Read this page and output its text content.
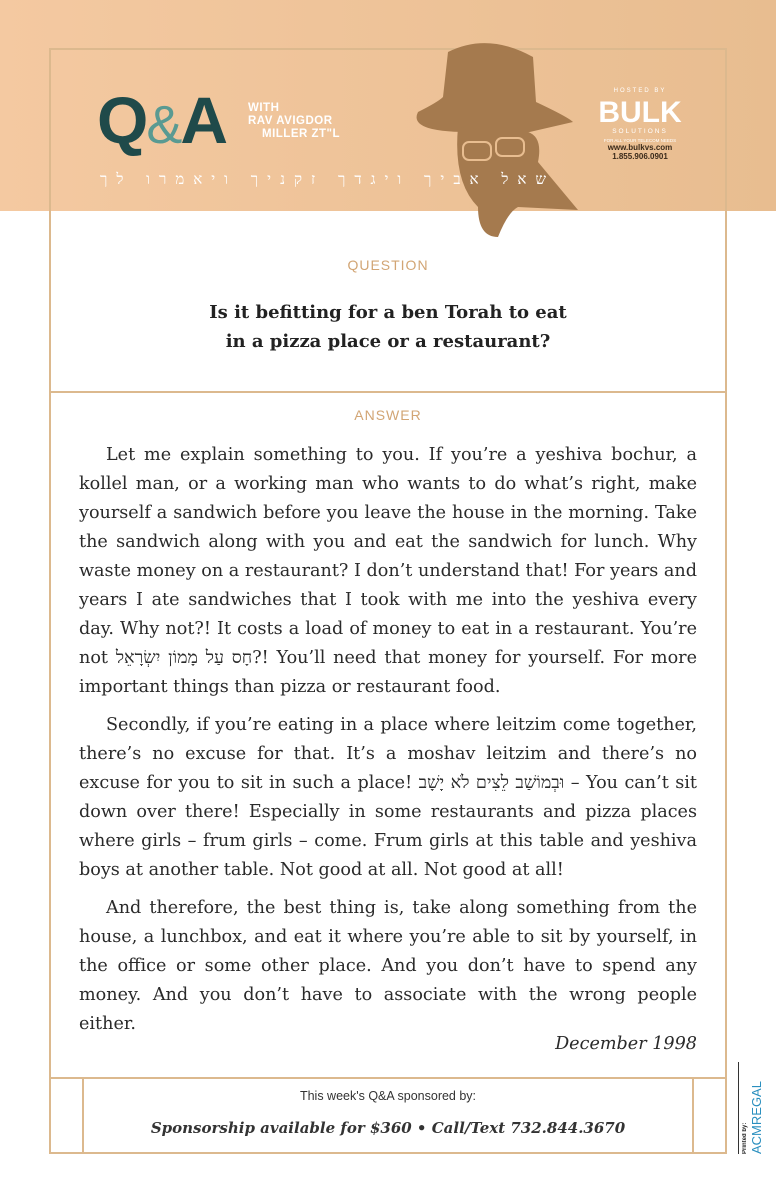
Q&A WITH
RAV AVIGDOR
MILLER ZT"L
שאל אביך ויגדך זקניך ויאמרו לך
HOSTED BY
BULK
SOLUTIONS
FOR ALL YOUR TELECOM NEEDS
www.bulkvs.com
1.855.906.0901
QUESTION
Is it befitting for a ben Torah to eat
in a pizza place or a restaurant?
ANSWER

Let me explain something to you. If you’re a yeshiva bochur, a kollel man, or a working man who wants to do what’s right, make yourself a sandwich before you leave the house in the morning. Take the sandwich along with you and eat the sandwich for lunch. Why waste money on a restaurant? I don’t understand that! For years and years I ate sandwiches that I took with me into the yeshiva every day. Why not?! It costs a load of money to eat in a restaurant. You’re not חָס עַל מָמוֹן יִשְׂרָאֵל?! You’ll need that money for yourself. For more important things than pizza or restaurant food.

Secondly, if you’re eating in a place where leitzim come together, there’s no excuse for that. It’s a moshav leitzim and there’s no excuse for you to sit in such a place! וּבְמוֹשַׁב לֵצִים לֹא יָשָׁב – You can’t sit down over there! Especially in some restaurants and pizza places where girls – frum girls – come. Frum girls at this table and yeshiva boys at another table. Not good at all. Not good at all!

And therefore, the best thing is, take along something from the house, a lunchbox, and eat it where you’re able to sit by yourself, in the office or some other place. And you don’t have to spend any money. And you don’t have to associate with the wrong people either.

December 1998
This week's Q&A sponsored by:
Sponsorship available for $360 • Call/Text 732.844.3670	Printed by: ACMREGAL
